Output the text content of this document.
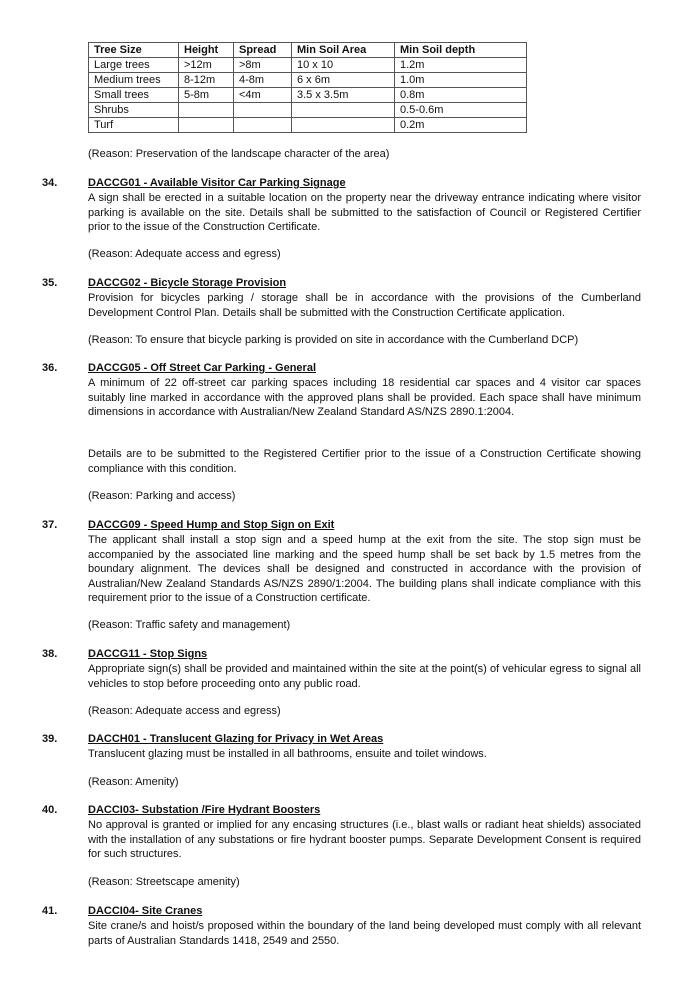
Tree Size	Height	Spread	Min Soil Area	Min Soil depth
Large trees	>12m	>8m	10 x 10	1.2m
Medium trees	8-12m	4-8m	6 x 6m	1.0m
Small trees	5-8m	<4m	3.5 x 3.5m	0.8m
Shrubs				0.5-0.6m
Turf				0.2m
(Reason: Preservation of the landscape character of the area)
34.	DACCG01 - Available Visitor Car Parking Signage
A sign shall be erected in a suitable location on the property near the driveway entrance indicating where visitor parking is available on the site. Details shall be submitted to the satisfaction of Council or Registered Certifier prior to the issue of the Construction Certificate.
(Reason: Adequate access and egress)
35.	DACCG02 - Bicycle Storage Provision
Provision for bicycles parking / storage shall be in accordance with the provisions of the Cumberland Development Control Plan. Details shall be submitted with the Construction Certificate application.
(Reason: To ensure that bicycle parking is provided on site in accordance with the Cumberland DCP)
36.	DACCG05 - Off Street Car Parking - General
A minimum of 22 off-street car parking spaces including 18 residential car spaces and 4 visitor car spaces suitably line marked in accordance with the approved plans shall be provided. Each space shall have minimum dimensions in accordance with Australian/New Zealand Standard AS/NZS 2890.1:2004.
Details are to be submitted to the Registered Certifier prior to the issue of a Construction Certificate showing compliance with this condition.
(Reason: Parking and access)
37.	DACCG09 - Speed Hump and Stop Sign on Exit
The applicant shall install a stop sign and a speed hump at the exit from the site. The stop sign must be accompanied by the associated line marking and the speed hump shall be set back by 1.5 metres from the boundary alignment. The devices shall be designed and constructed in accordance with the provision of Australian/New Zealand Standards AS/NZS 2890/1:2004. The building plans shall indicate compliance with this requirement prior to the issue of a Construction certificate.
(Reason: Traffic safety and management)
38.	DACCG11 - Stop Signs
Appropriate sign(s) shall be provided and maintained within the site at the point(s) of vehicular egress to signal all vehicles to stop before proceeding onto any public road.
(Reason: Adequate access and egress)
39.	DACCH01 - Translucent Glazing for Privacy in Wet Areas
Translucent glazing must be installed in all bathrooms, ensuite and toilet windows.
(Reason: Amenity)
40.	DACCI03- Substation /Fire Hydrant Boosters
No approval is granted or implied for any encasing structures (i.e., blast walls or radiant heat shields) associated with the installation of any substations or fire hydrant booster pumps. Separate Development Consent is required for such structures.
(Reason: Streetscape amenity)
41.	DACCI04- Site Cranes
Site crane/s and hoist/s proposed within the boundary of the land being developed must comply with all relevant parts of Australian Standards 1418, 2549 and 2550.
